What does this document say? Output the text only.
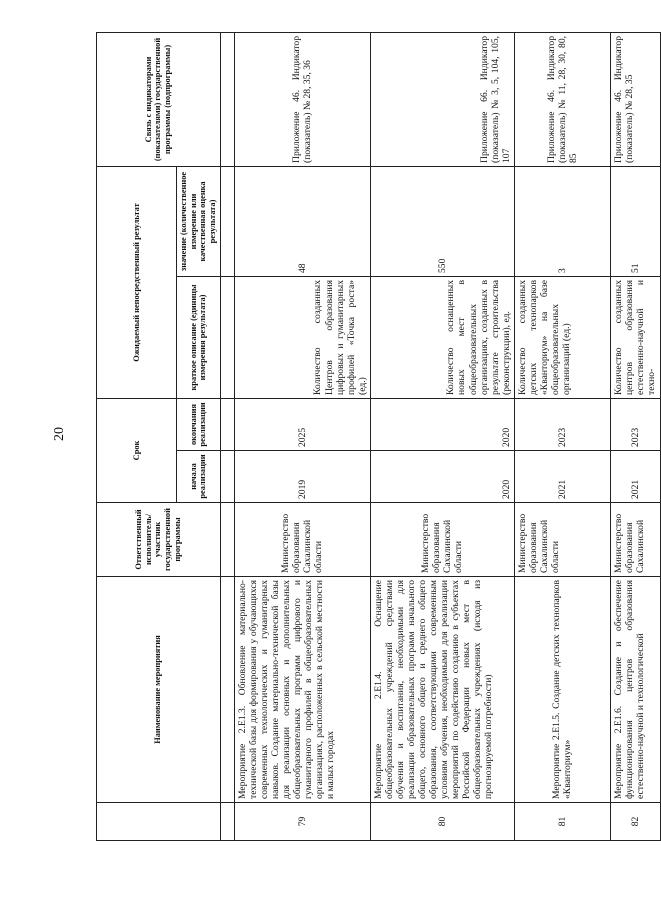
20
	Наименование мероприятия	Ответственный исполнитель/участник государственной программы	Срок		Ожидаемый непосредственный результат		Связь с индикаторами (показателями) государственной программы (подпрограммы)
			начала реализации	окончания реализации	краткое описание (единицы измерения результата)	значение (количественное измерение или качественная оценка результата)	

79	Мероприятие 2.Е1.3. Обновление материально-технической базы для формирования у обучающихся современных технологических и гуманитарных навыков. Создание материально-технической базы для реализации основных и дополнительных общеобразовательных программ цифрового и гуманитарного профилей в общеобразовательных организациях, расположенных в сельской местности и малых городах	Министерство образования Сахалинской области	2019	2025	Количество созданных Центров образования цифровых и гуманитарных профилей «Точка роста» (ед.)	48	Приложение 46. Индикатор (показатель) № 28, 35, 36
80	Мероприятие 2.Е1.4. Оснащение общеобразовательных учреждений средствами обучения и воспитания, необходимыми для реализации образовательных программ начального общего, основного общего и среднего общего образования, соответствующими современным условиям обучения, необходимыми для реализации мероприятий по содействию созданию в субъектах Российской Федерации новых мест в общеобразовательных учреждениях (исходя из прогнозируемой потребности)	Министерство образования Сахалинской области	2020	2020	Количество оснащенных новых мест в общеобразовательных организациях, созданных в результате строительства (реконструкции), ед.	550	Приложение 66. Индикатор (показатель) № 3, 5, 104, 105, 107
81	Мероприятие 2.Е1.5. Создание детских технопарков «Кванториум»	Министерство образования Сахалинской области	2021	2023	Количество созданных детских технопарков «Кванториум» на базе общеобразовательных организаций (ед.)	3	Приложение 46. Индикатор (показатель) № 11, 28, 30, 80, 85
82	Мероприятие 2.Е1.6. Создание и обеспечение функционирования центров образования естественно-научной и технологической	Министерство образования Сахалинской	2021	2023	Количество созданных центров образования естественно-научной и техно-	51	Приложение 46. Индикатор (показатель) № 28, 35
